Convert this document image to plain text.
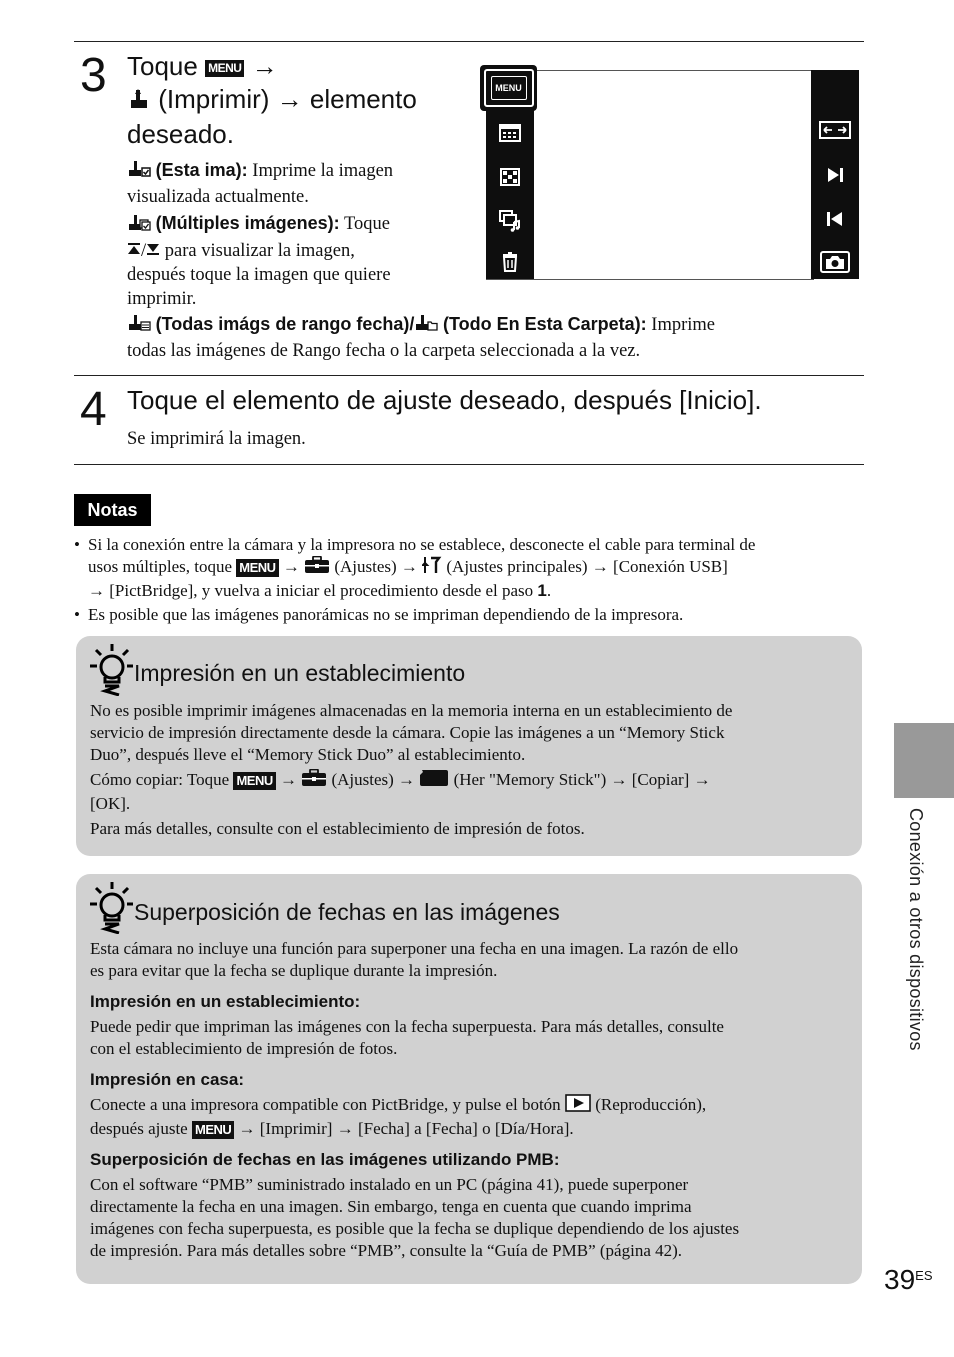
3 Toque MENU →
(Imprimir) → elemento
deseado.
(Esta ima): Imprime la imagen
visualizada actualmente.
(Múltiples imágenes): Toque
/ para visualizar la imagen,
después toque la imagen que quiere
imprimir.
(Todas imágs de rango fecha)/ (Todo En Esta Carpeta): Imprime
todas las imágenes de Rango fecha o la carpeta seleccionada a la vez.
MENU
4 Toque el elemento de ajuste deseado, después [Inicio].
Se imprimirá la imagen.
Notas
• Si la conexión entre la cámara y la impresora no se establece, desconecte el cable para terminal de
usos múltiples, toque MENU →  (Ajustes) → (Ajustes principales) → [Conexión USB]
→ [PictBridge], y vuelva a iniciar el procedimiento desde el paso 1.
• Es posible que las imágenes panorámicas no se impriman dependiendo de la impresora.
Impresión en un establecimiento
No es posible imprimir imágenes almacenadas en la memoria interna en un establecimiento de
servicio de impresión directamente desde la cámara. Copie las imágenes a un “Memory Stick
Duo”, después lleve el “Memory Stick Duo” al establecimiento.
Cómo copiar: Toque MENU →  (Ajustes) → (Her "Memory Stick") → [Copiar] →
[OK].
Para más detalles, consulte con el establecimiento de impresión de fotos.
Superposición de fechas en las imágenes
Esta cámara no incluye una función para superponer una fecha en una imagen. La razón de ello
es para evitar que la fecha se duplique durante la impresión.
Impresión en un establecimiento:
Puede pedir que impriman las imágenes con la fecha superpuesta. Para más detalles, consulte
con el establecimiento de impresión de fotos.
Impresión en casa:
Conecte a una impresora compatible con PictBridge, y pulse el botón (Reproducción),
después ajuste MENU → [Imprimir] → [Fecha] a [Fecha] o [Día/Hora].
Superposición de fechas en las imágenes utilizando PMB:
Con el software “PMB” suministrado instalado en un PC (página 41), puede superponer
directamente la fecha en una imagen. Sin embargo, tenga en cuenta que cuando imprima
imágenes con fecha superpuesta, es posible que la fecha se duplique dependiendo de los ajustes
de impresión. Para más detalles sobre “PMB”, consulte la “Guía de PMB” (página 42).
Conexión a otros dispositivos
$39^{ES}$
